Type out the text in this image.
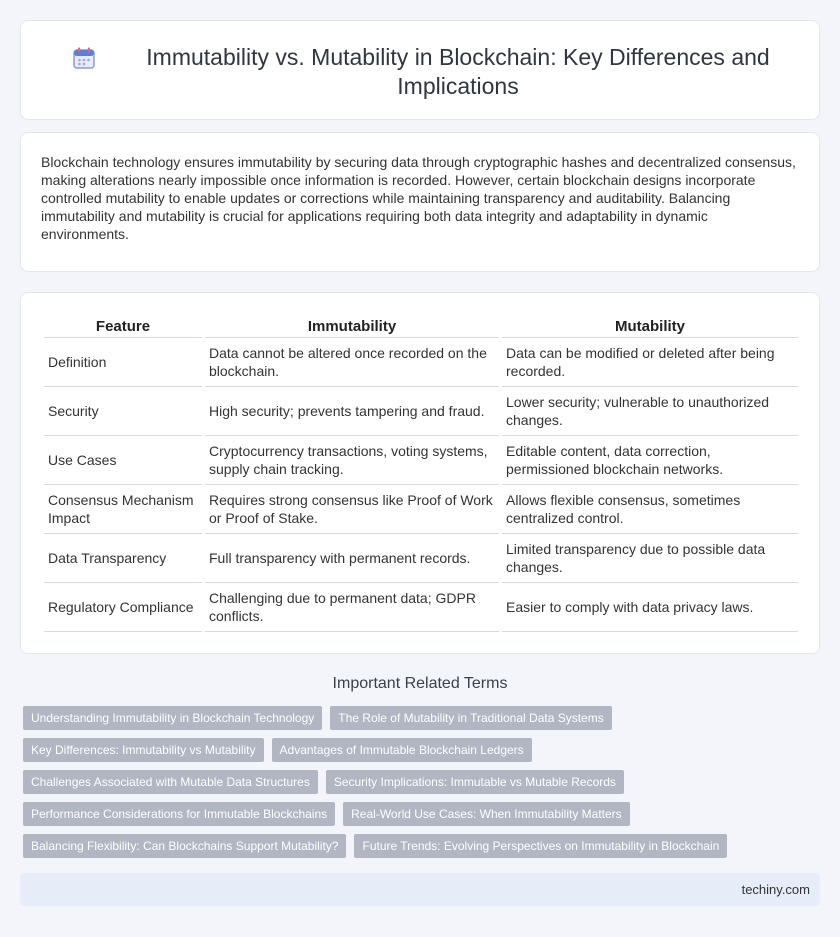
Immutability vs. Mutability in Blockchain: Key Differences and Implications

Blockchain technology ensures immutability by securing data through cryptographic hashes and decentralized consensus, making alterations nearly impossible once information is recorded. However, certain blockchain designs incorporate controlled mutability to enable updates or corrections while maintaining transparency and auditability. Balancing immutability and mutability is crucial for applications requiring both data integrity and adaptability in dynamic environments.

Feature	Immutability	Mutability
Definition	Data cannot be altered once recorded on the blockchain.	Data can be modified or deleted after being recorded.
Security	High security; prevents tampering and fraud.	Lower security; vulnerable to unauthorized changes.
Use Cases	Cryptocurrency transactions, voting systems, supply chain tracking.	Editable content, data correction, permissioned blockchain networks.
Consensus Mechanism Impact	Requires strong consensus like Proof of Work or Proof of Stake.	Allows flexible consensus, sometimes centralized control.
Data Transparency	Full transparency with permanent records.	Limited transparency due to possible data changes.
Regulatory Compliance	Challenging due to permanent data; GDPR conflicts.	Easier to comply with data privacy laws.
Important Related Terms
Understanding Immutability in Blockchain Technology	The Role of Mutability in Traditional Data Systems
Key Differences: Immutability vs Mutability	Advantages of Immutable Blockchain Ledgers
Challenges Associated with Mutable Data Structures	Security Implications: Immutable vs Mutable Records
Performance Considerations for Immutable Blockchains	Real-World Use Cases: When Immutability Matters
Balancing Flexibility: Can Blockchains Support Mutability?	Future Trends: Evolving Perspectives on Immutability in Blockchain
techiny.com
